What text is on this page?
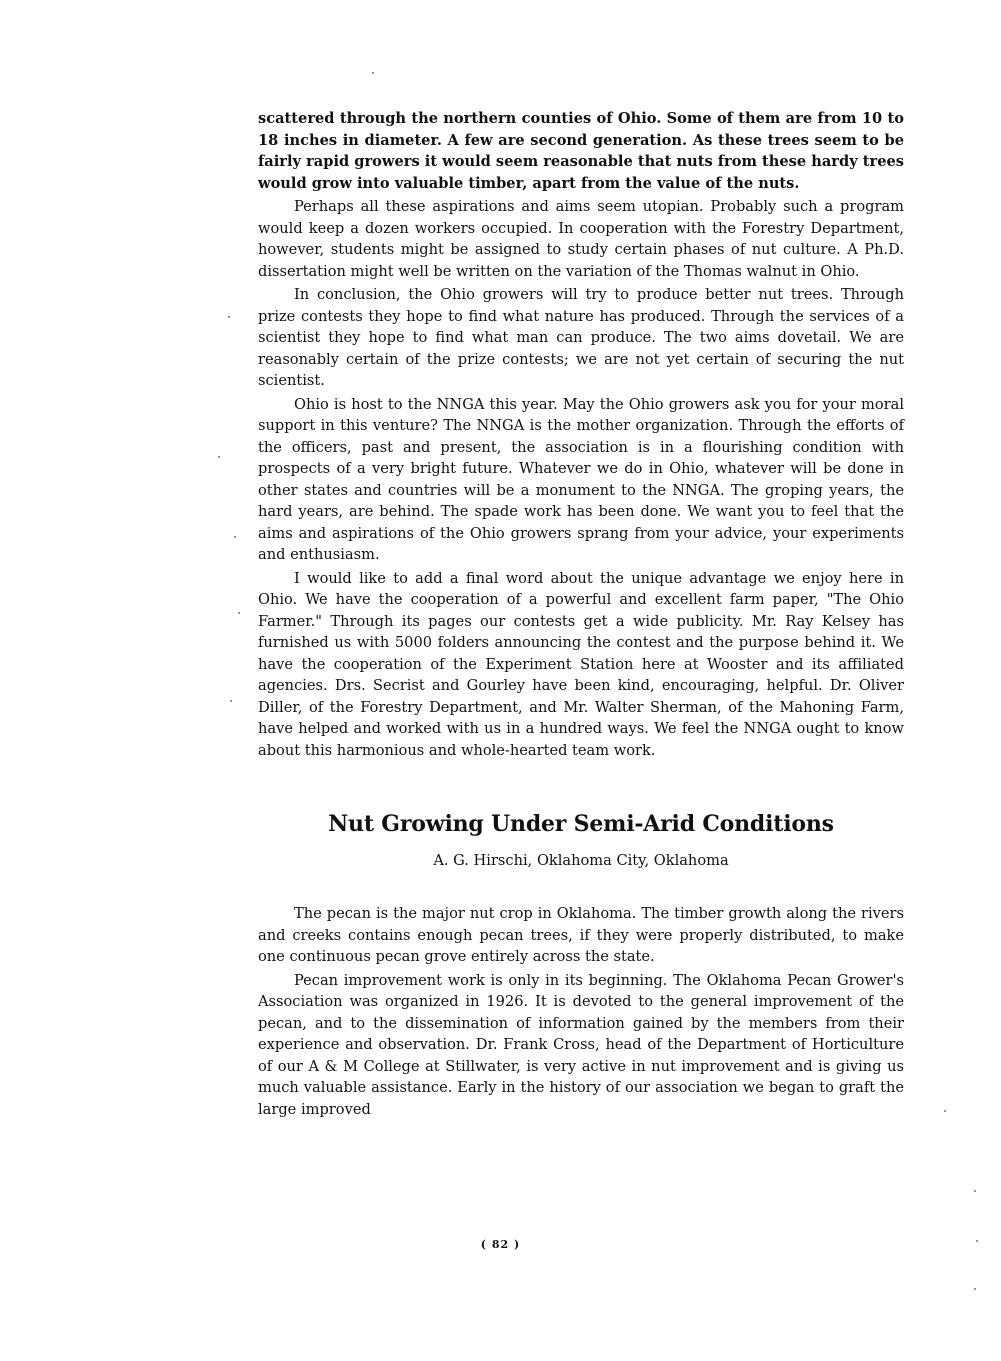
scattered through the northern counties of Ohio. Some of them are from 10 to 18 inches in diameter. A few are second generation. As these trees seem to be fairly rapid growers it would seem reasonable that nuts from these hardy trees would grow into valuable timber, apart from the value of the nuts.

Perhaps all these aspirations and aims seem utopian. Probably such a program would keep a dozen workers occupied. In cooperation with the Forestry Department, however, students might be assigned to study certain phases of nut culture. A Ph.D. dissertation might well be written on the variation of the Thomas walnut in Ohio.

In conclusion, the Ohio growers will try to produce better nut trees. Through prize contests they hope to find what nature has produced. Through the services of a scientist they hope to find what man can produce. The two aims dovetail. We are reasonably certain of the prize contests; we are not yet certain of securing the nut scientist.

Ohio is host to the NNGA this year. May the Ohio growers ask you for your moral support in this venture? The NNGA is the mother organization. Through the efforts of the officers, past and present, the association is in a flourishing condition with prospects of a very bright future. Whatever we do in Ohio, whatever will be done in other states and countries will be a monument to the NNGA. The groping years, the hard years, are behind. The spade work has been done. We want you to feel that the aims and aspirations of the Ohio growers sprang from your advice, your experiments and enthusiasm.

I would like to add a final word about the unique advantage we enjoy here in Ohio. We have the cooperation of a powerful and excellent farm paper, "The Ohio Farmer." Through its pages our contests get a wide publicity. Mr. Ray Kelsey has furnished us with 5000 folders announcing the contest and the purpose behind it. We have the cooperation of the Experiment Station here at Wooster and its affiliated agencies. Drs. Secrist and Gourley have been kind, encouraging, helpful. Dr. Oliver Diller, of the Forestry Department, and Mr. Walter Sherman, of the Mahoning Farm, have helped and worked with us in a hundred ways. We feel the NNGA ought to know about this harmonious and whole-hearted team work.

Nut Growing Under Semi-Arid Conditions

A. G. Hirschi, Oklahoma City, Oklahoma

The pecan is the major nut crop in Oklahoma. The timber growth along the rivers and creeks contains enough pecan trees, if they were properly distributed, to make one continuous pecan grove entirely across the state.

Pecan improvement work is only in its beginning. The Oklahoma Pecan Grower's Association was organized in 1926. It is devoted to the general improvement of the pecan, and to the dissemination of information gained by the members from their experience and observation. Dr. Frank Cross, head of the Department of Horticulture of our A & M College at Stillwater, is very active in nut improvement and is giving us much valuable assistance. Early in the history of our association we began to graft the large improved

( 82 )
